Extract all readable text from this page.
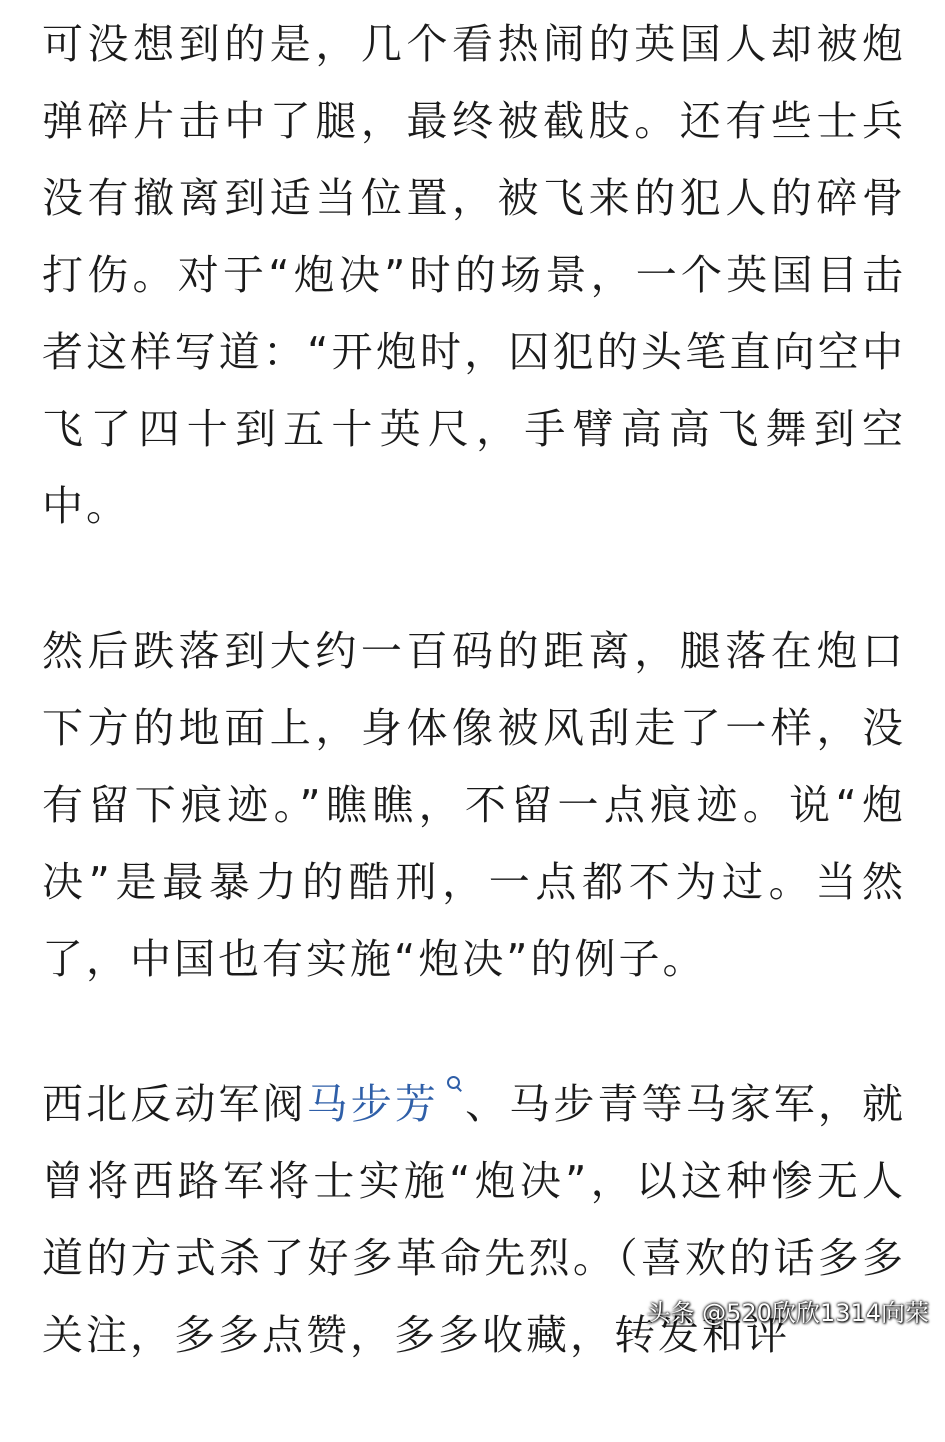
可没想到的是，几个看热闹的英国人却被炮弹碎片击中了腿，最终被截肢。还有些士兵没有撤离到适当位置，被飞来的犯人的碎骨打伤。对于“炮决”时的场景，一个英国目击者这样写道：“开炮时，囚犯的头笔直向空中飞了四十到五十英尺，手臂高高飞舞到空中。

然后跌落到大约一百码的距离，腿落在炮口下方的地面上，身体像被风刮走了一样，没有留下痕迹。”瞧瞧，不留一点痕迹。说“炮决”是最暴力的酷刑，一点都不为过。当然了，中国也有实施“炮决”的例子。

西北反动军阀马步芳 、马步青等马家军，就曾将西路军将士实施“炮决”，以这种惨无人道的方式杀了好多革命先烈。（喜欢的话多多关注，多多点赞，多多收藏，转发和评

头条 @520欣欣1314向荣
